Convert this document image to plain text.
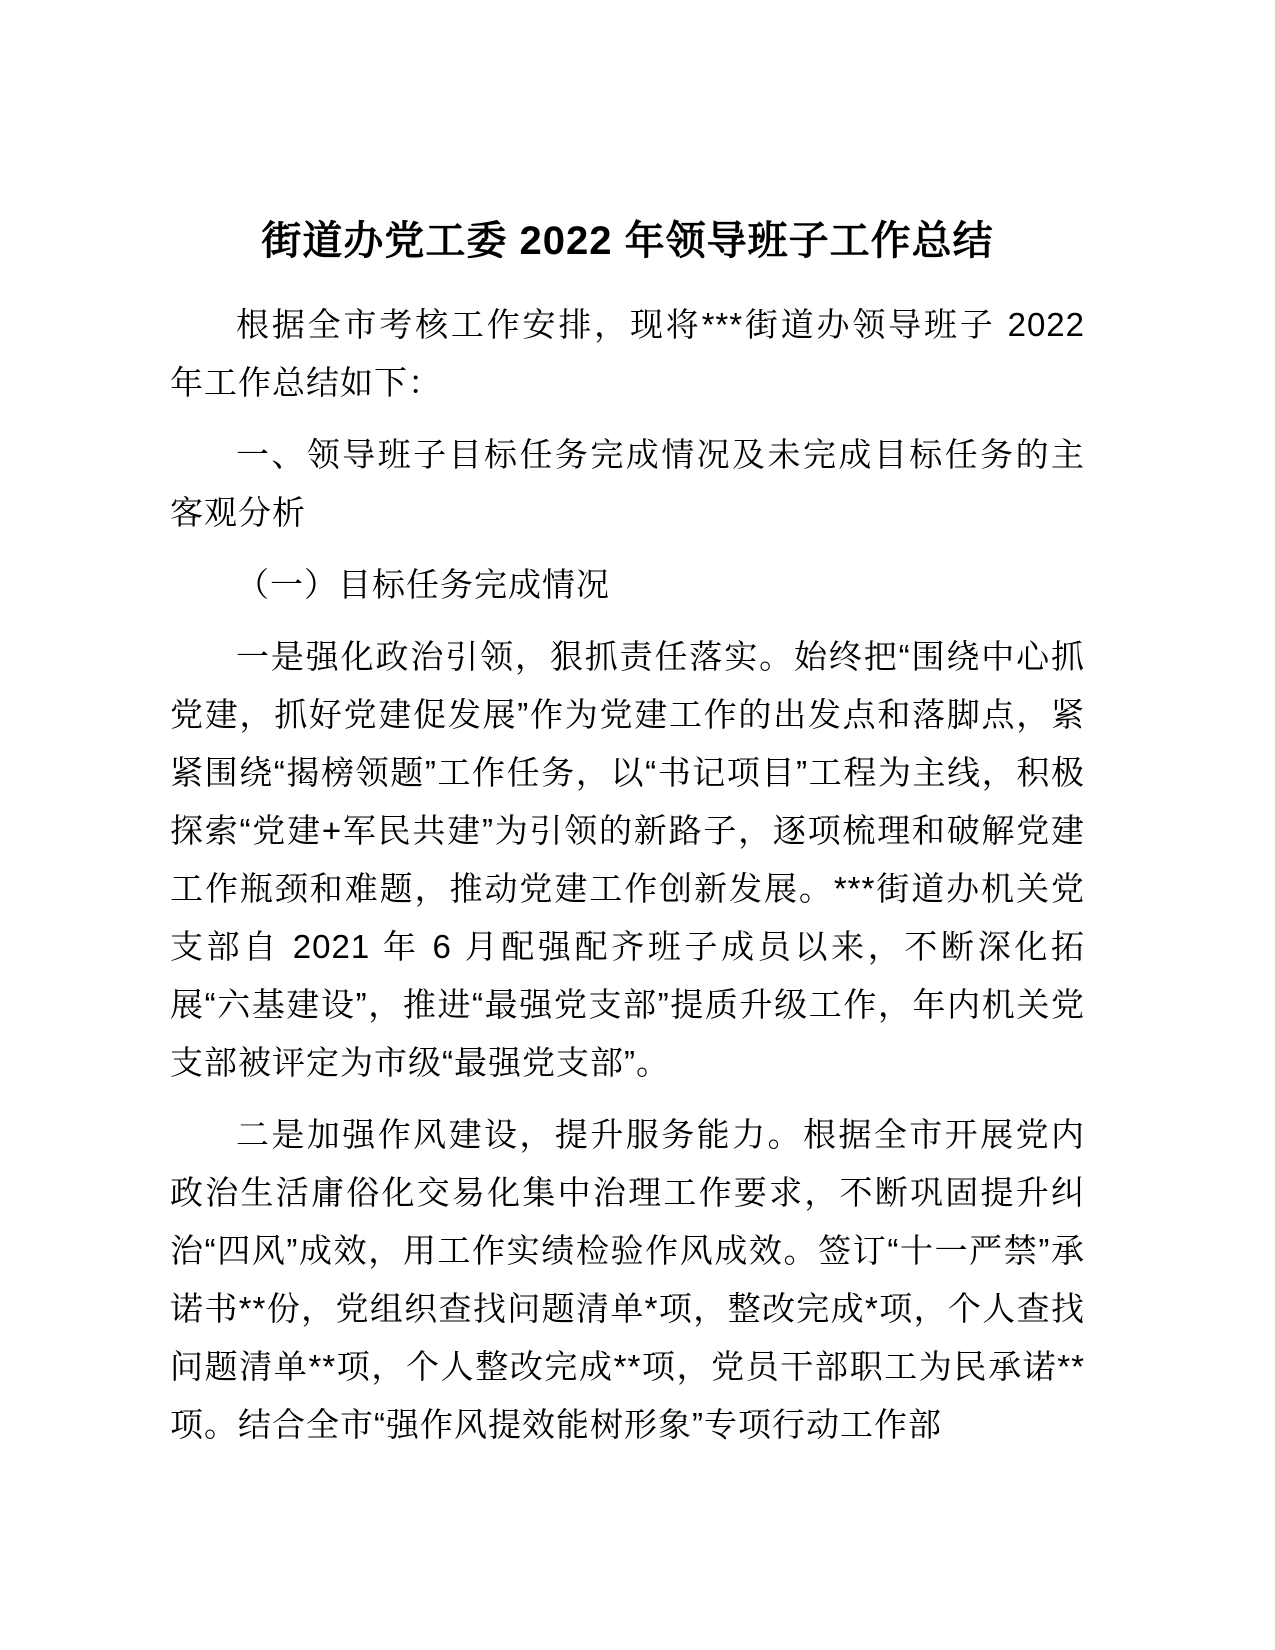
街道办党工委 2022 年领导班子工作总结

根据全市考核工作安排，现将***街道办领导班子 2022 年工作总结如下：

一、领导班子目标任务完成情况及未完成目标任务的主客观分析

（一）目标任务完成情况

一是强化政治引领，狠抓责任落实。始终把“围绕中心抓党建，抓好党建促发展”作为党建工作的出发点和落脚点，紧紧围绕“揭榜领题”工作任务，以“书记项目”工程为主线，积极探索“党建+军民共建”为引领的新路子，逐项梳理和破解党建工作瓶颈和难题，推动党建工作创新发展。***街道办机关党支部自 2021 年 6 月配强配齐班子成员以来，不断深化拓展“六基建设”，推进“最强党支部”提质升级工作，年内机关党支部被评定为市级“最强党支部”。

二是加强作风建设，提升服务能力。根据全市开展党内政治生活庸俗化交易化集中治理工作要求，不断巩固提升纠治“四风”成效，用工作实绩检验作风成效。签订“十一严禁”承诺书**份，党组织查找问题清单*项，整改完成*项，个人查找问题清单**项，个人整改完成**项，党员干部职工为民承诺**项。结合全市“强作风提效能树形象”专项行动工作部
